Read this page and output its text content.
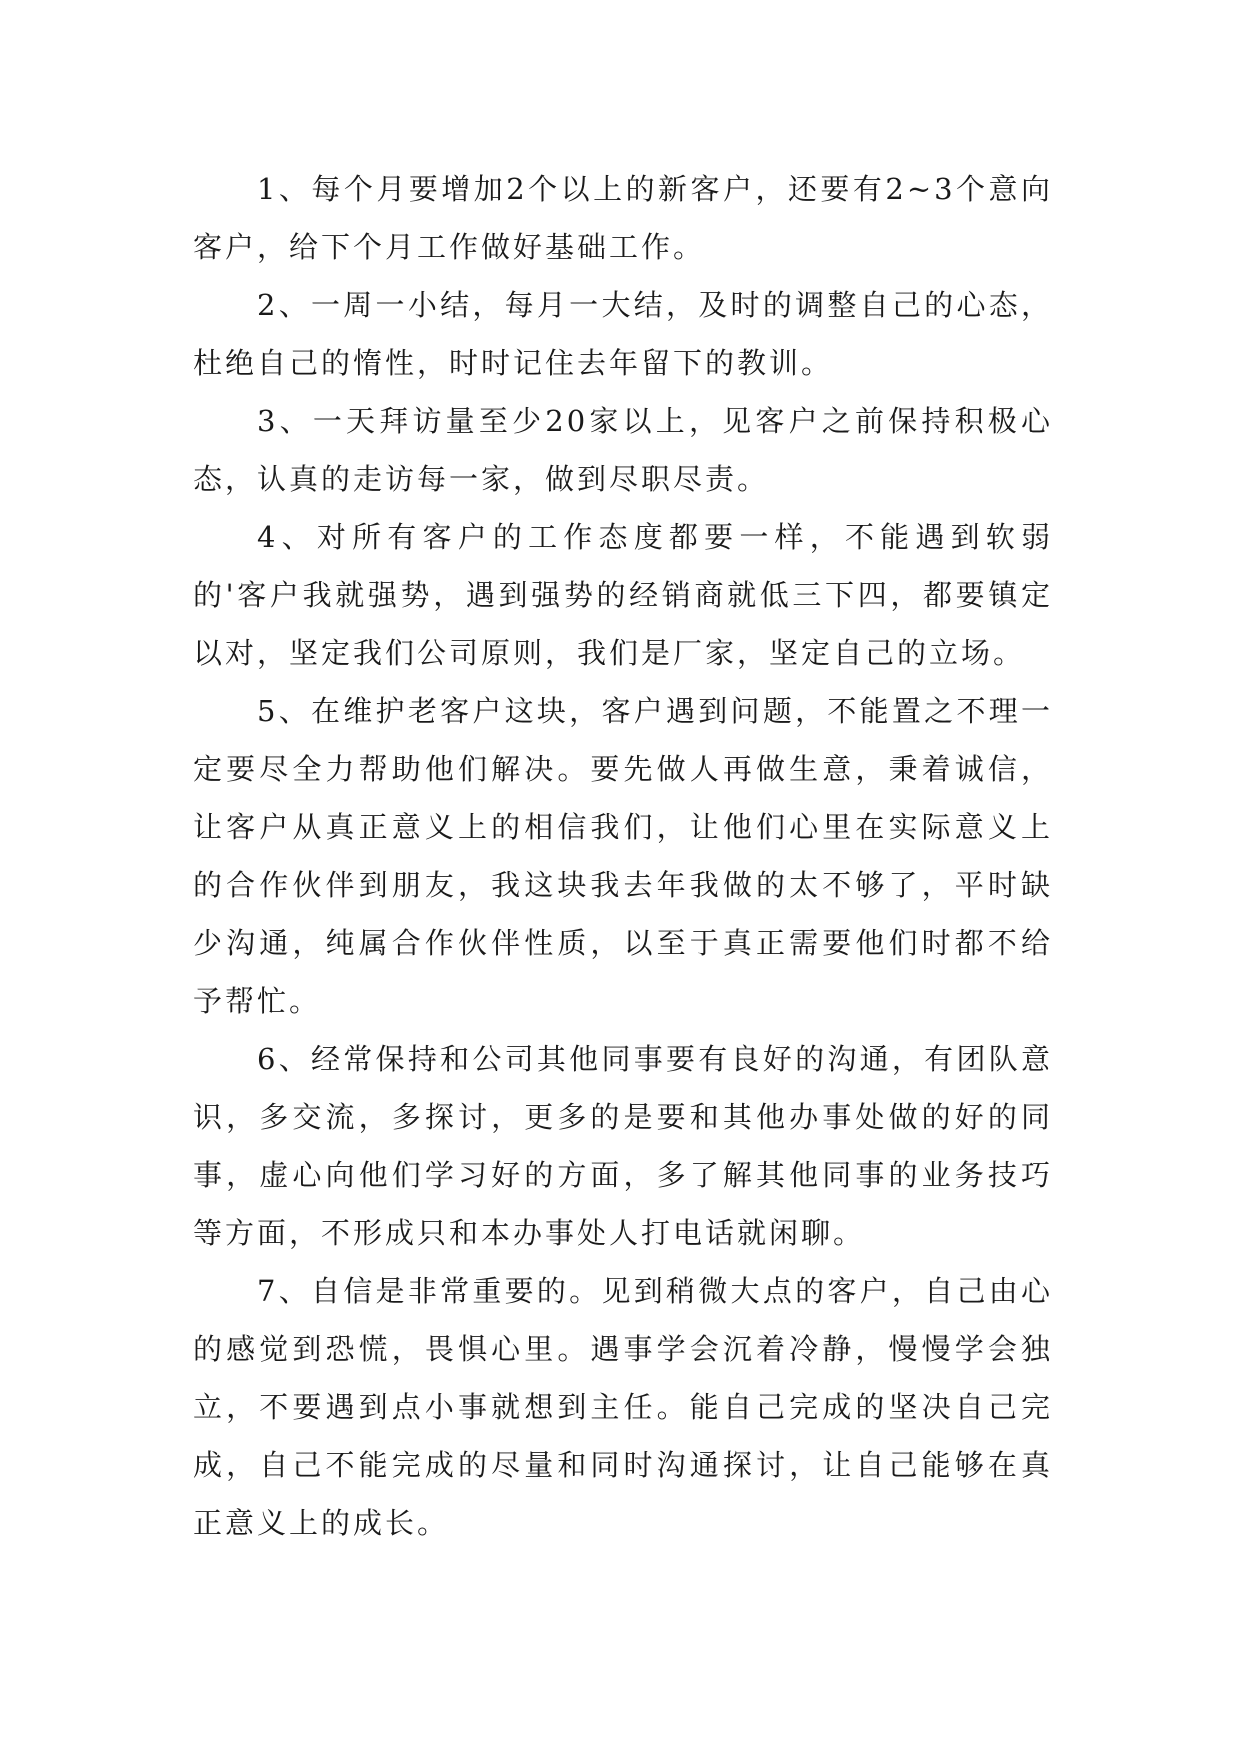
1、每个月要增加2个以上的新客户，还要有2~3个意向客户，给下个月工作做好基础工作。

2、一周一小结，每月一大结，及时的调整自己的心态，杜绝自己的惰性，时时记住去年留下的教训。

3、一天拜访量至少20家以上，见客户之前保持积极心态，认真的走访每一家，做到尽职尽责。

4、对所有客户的工作态度都要一样，不能遇到软弱的'客户我就强势，遇到强势的经销商就低三下四，都要镇定以对，坚定我们公司原则，我们是厂家，坚定自己的立场。

5、在维护老客户这块，客户遇到问题，不能置之不理一定要尽全力帮助他们解决。要先做人再做生意，秉着诚信，让客户从真正意义上的相信我们，让他们心里在实际意义上的合作伙伴到朋友，我这块我去年我做的太不够了，平时缺少沟通，纯属合作伙伴性质，以至于真正需要他们时都不给予帮忙。

6、经常保持和公司其他同事要有良好的沟通，有团队意识，多交流，多探讨，更多的是要和其他办事处做的好的同事，虚心向他们学习好的方面，多了解其他同事的业务技巧等方面，不形成只和本办事处人打电话就闲聊。

7、自信是非常重要的。见到稍微大点的客户，自己由心的感觉到恐慌，畏惧心里。遇事学会沉着冷静，慢慢学会独立，不要遇到点小事就想到主任。能自己完成的坚决自己完成，自己不能完成的尽量和同时沟通探讨，让自己能够在真正意义上的成长。
